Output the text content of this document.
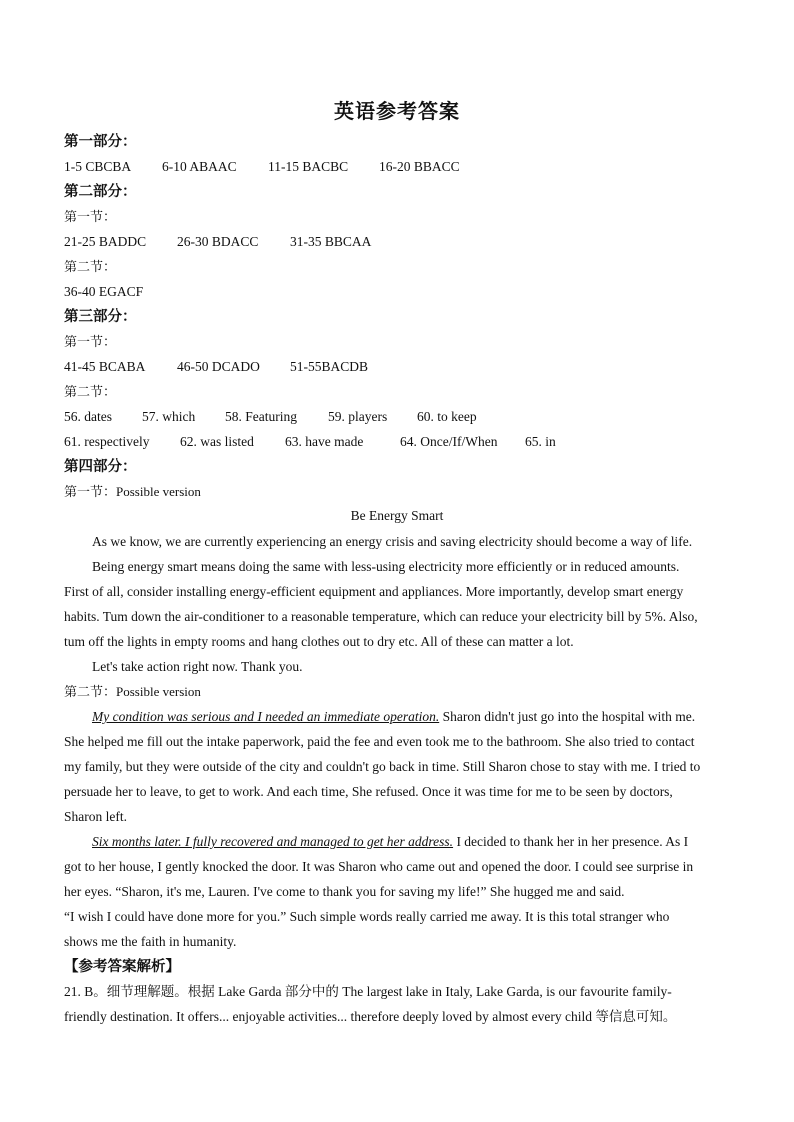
英语参考答案
第一部分：
1-5 CBCBA 6-10 ABAAC 11-15 BACBC 16-20 BBACC
第二部分：
第一节：
21-25 BADDC 26-30 BDACC 31-35 BBCAA
第二节：
36-40 EGACF
第三部分：
第一节：
41-45 BCABA 46-50 DCADO 51-55BACDB
第二节：
56. dates 57. which 58. Featuring 59. players 60. to keep
61. respectively 62. was listed 63. have made	64. Once/If/When 65. in
第四部分：
第一节：Possible version
Be Energy Smart
As we know, we are currently experiencing an energy crisis and saving electricity should become a way of life.
Being energy smart means doing the same with less-using electricity more efficiently or in reduced amounts.
First of all, consider installing energy-efficient equipment and appliances. More importantly, develop smart energy
habits. Tum down the air-conditioner to a reasonable temperature, which can reduce your electricity bill by 5%. Also,
tum off the lights in empty rooms and hang clothes out to dry etc. All of these can matter a lot.
Let's take action right now. Thank you.
第二节：Possible version
My condition was serious and I needed an immediate operation. Sharon didn't just go into the hospital with me.
She helped me fill out the intake paperwork, paid the fee and even took me to the bathroom. She also tried to contact
my family, but they were outside of the city and couldn't go back in time. Still Sharon chose to stay with me. I tried to
persuade her to leave, to get to work. And each time, She refused. Once it was time for me to be seen by doctors,
Sharon left.
Six months later. I fully recovered and managed to get her address. I decided to thank her in her presence. As I
got to her house, I gently knocked the door. It was Sharon who came out and opened the door. I could see surprise in
her eyes. “Sharon, it's me, Lauren. I've come to thank you for saving my life!” She hugged me and said.
“I wish I could have done more for you.” Such simple words really carried me away. It is this total stranger who
shows me the faith in humanity.
【参考答案解析】
21. B。细节理解题。根据 Lake Garda 部分中的 The largest lake in Italy, Lake Garda, is our favourite family-
friendly destination. It offers... enjoyable activities... therefore deeply loved by almost every child 等信息可知。
